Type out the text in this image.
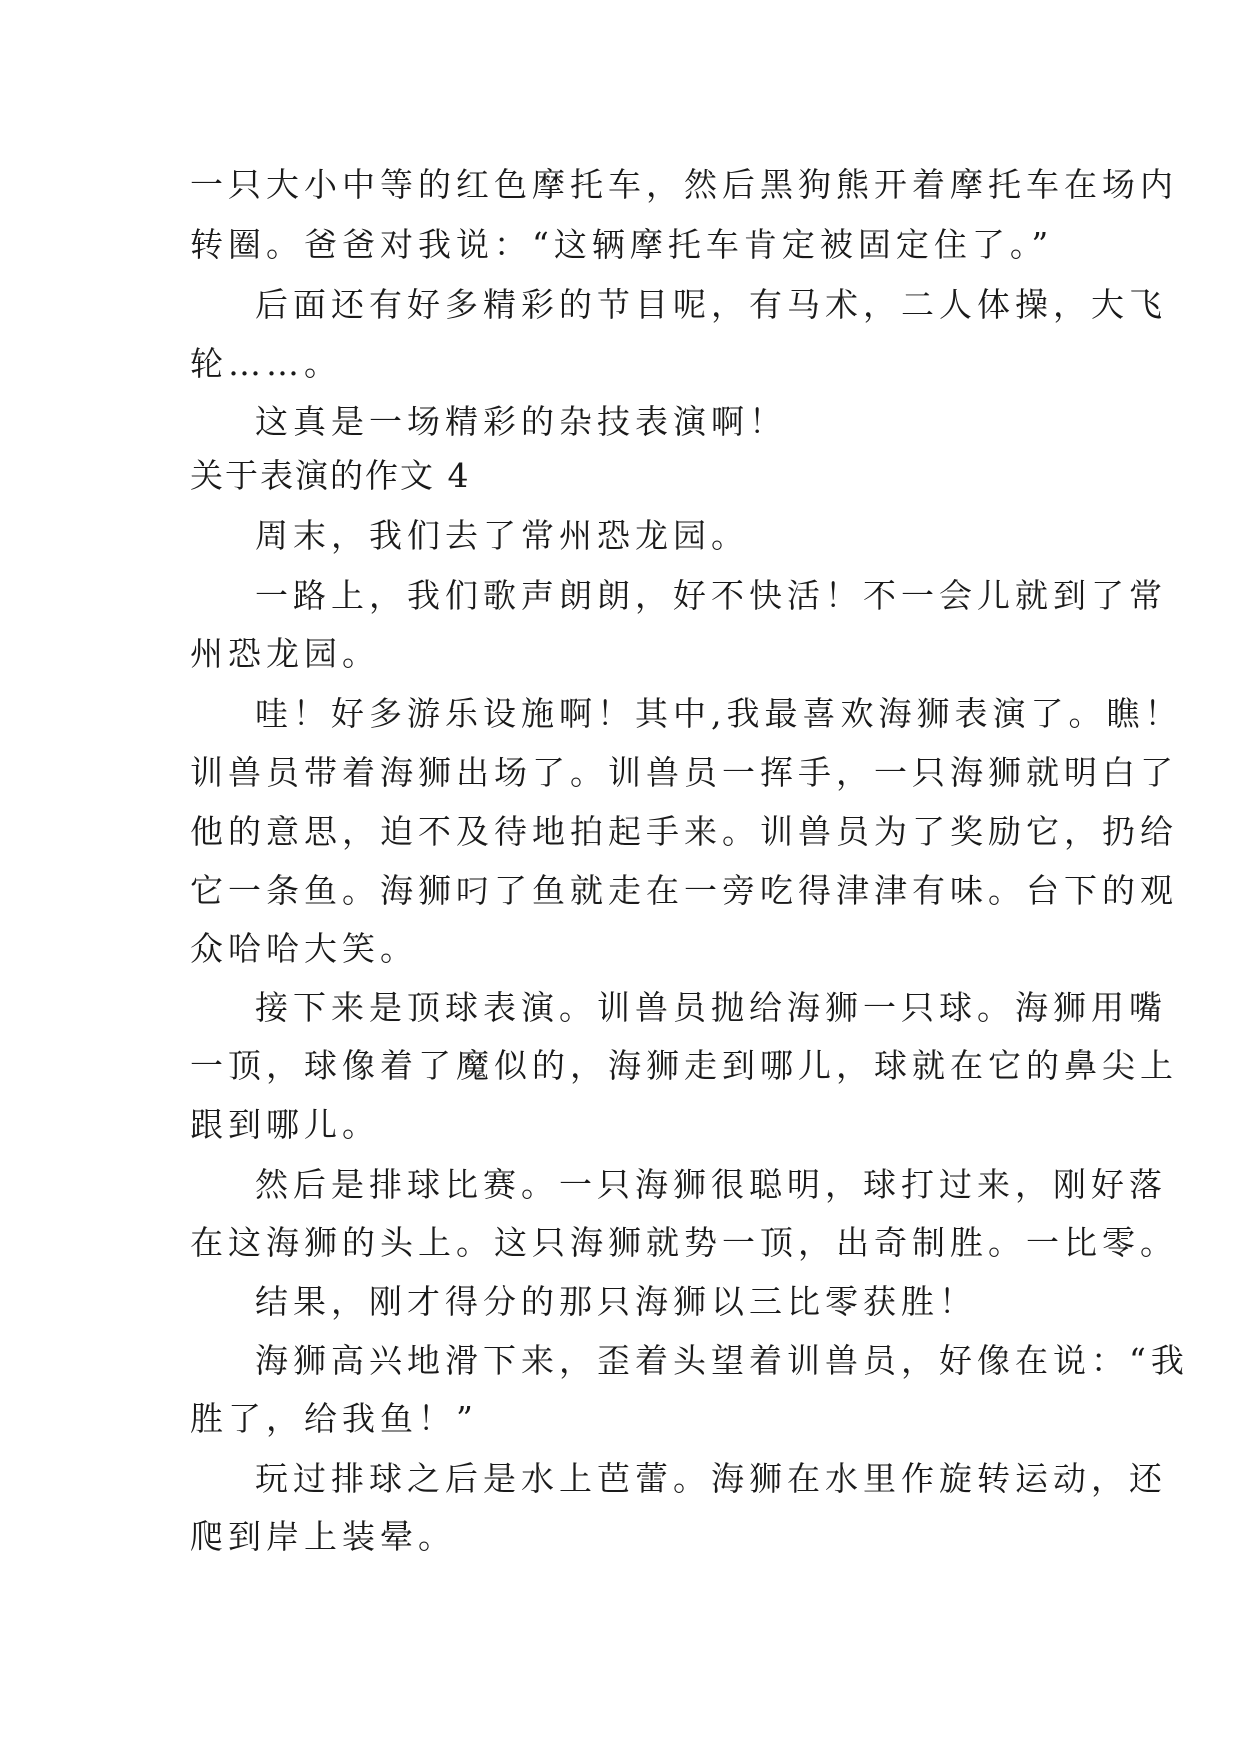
一只大小中等的红色摩托车，然后黑狗熊开着摩托车在场内
转圈。爸爸对我说：“这辆摩托车肯定被固定住了。”
后面还有好多精彩的节目呢，有马术，二人体操，大飞
轮……。
这真是一场精彩的杂技表演啊！
关于表演的作文 4
周末，我们去了常州恐龙园。
一路上，我们歌声朗朗，好不快活！不一会儿就到了常
州恐龙园。
哇！好多游乐设施啊！其中,我最喜欢海狮表演了。瞧！
训兽员带着海狮出场了。训兽员一挥手，一只海狮就明白了
他的意思，迫不及待地拍起手来。训兽员为了奖励它，扔给
它一条鱼。海狮叼了鱼就走在一旁吃得津津有味。台下的观
众哈哈大笑。
接下来是顶球表演。训兽员抛给海狮一只球。海狮用嘴
一顶，球像着了魔似的，海狮走到哪儿，球就在它的鼻尖上
跟到哪儿。
然后是排球比赛。一只海狮很聪明，球打过来，刚好落
在这海狮的头上。这只海狮就势一顶，出奇制胜。一比零。
结果，刚才得分的那只海狮以三比零获胜！
海狮高兴地滑下来，歪着头望着训兽员，好像在说：“我
胜了，给我鱼！”
玩过排球之后是水上芭蕾。海狮在水里作旋转运动，还
爬到岸上装晕。
